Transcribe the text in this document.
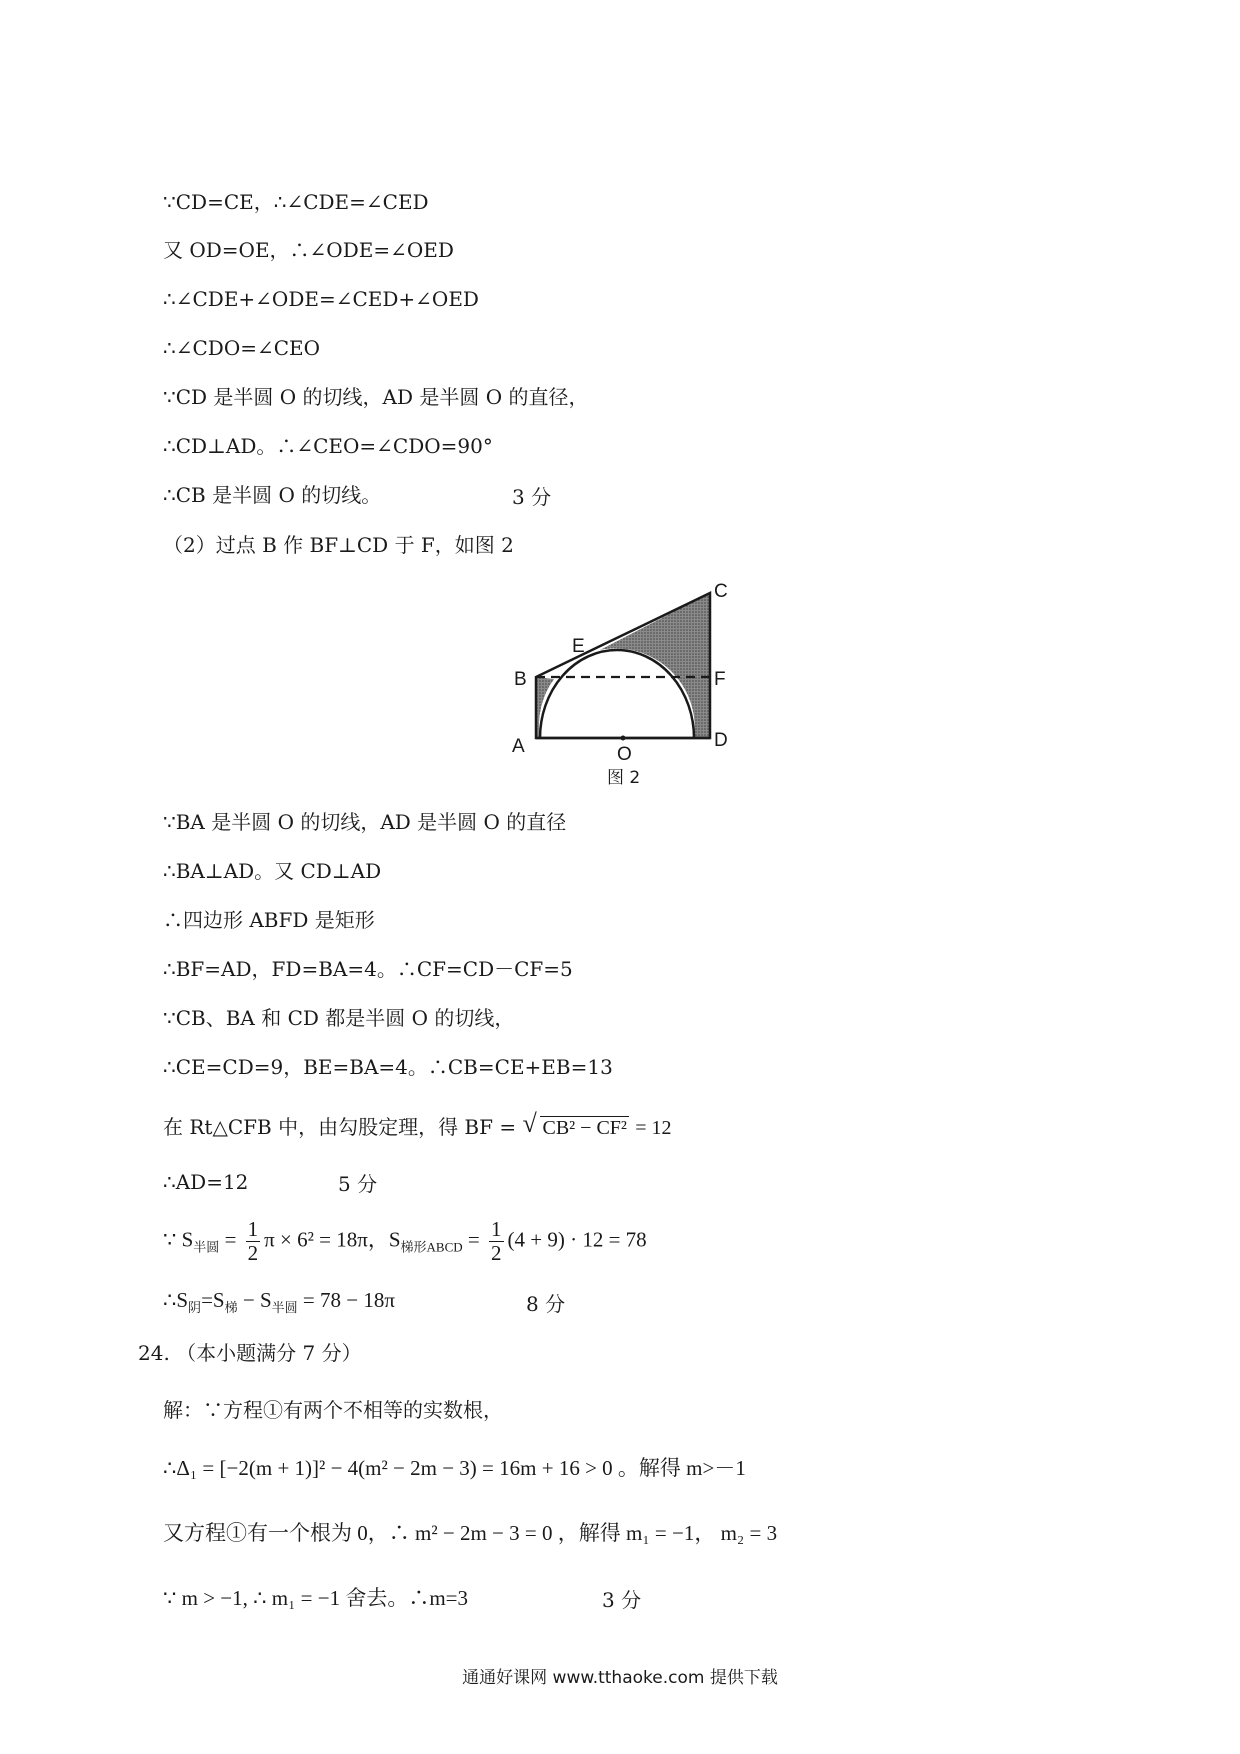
∵CD=CE，∴∠CDE=∠CED
又 OD=OE，∴∠ODE=∠OED
∴∠CDE+∠ODE=∠CED+∠OED
∴∠CDO=∠CEO
∵CD 是半圆 O 的切线，AD 是半圆 O 的直径，
∴CD⊥AD。∴∠CEO=∠CDO=90°
∴CB 是半圆 O 的切线。	3 分
（2）过点 B 作 BF⊥CD 于 F，如图 2
A
B
C
D
E
F
O
图 2
∵BA 是半圆 O 的切线，AD 是半圆 O 的直径
∴BA⊥AD。又 CD⊥AD
∴四边形 ABFD 是矩形
∴BF=AD，FD=BA=4。∴CF=CD－CF=5
∵CB、BA 和 CD 都是半圆 O 的切线，
∴CE=CD=9，BE=BA=4。∴CB=CE+EB=13
在 Rt△CFB 中，由勾股定理，得 BF = √ CB² − CF² = 12
∴AD=12	5 分
∵ $S_{半圆} = \frac{1}{2}$ π × 6² = 18π，$S_{梯形ABCD} = \frac{1}{2} (4 + 9) \cdot 12 = 78$
$\therefore S_阴=S_梯 - S_{半圆} = 78 - 18\pi$	8 分
24. （本小题满分 7 分）
解：∵方程①有两个不相等的实数根，
∴Δ₁ = [−2(m + 1)]² − 4(m² − 2m − 3) = 16m + 16 > 0 。解得 m>－1
又方程①有一个根为 0，∴ m² − 2m − 3 = 0 ，解得 m₁ = −1， m₂ = 3
∵ m > −1, ∴ m₁ = −1 舍去。∴m=3	3 分
通通好课网 www.tthaoke.com 提供下载
